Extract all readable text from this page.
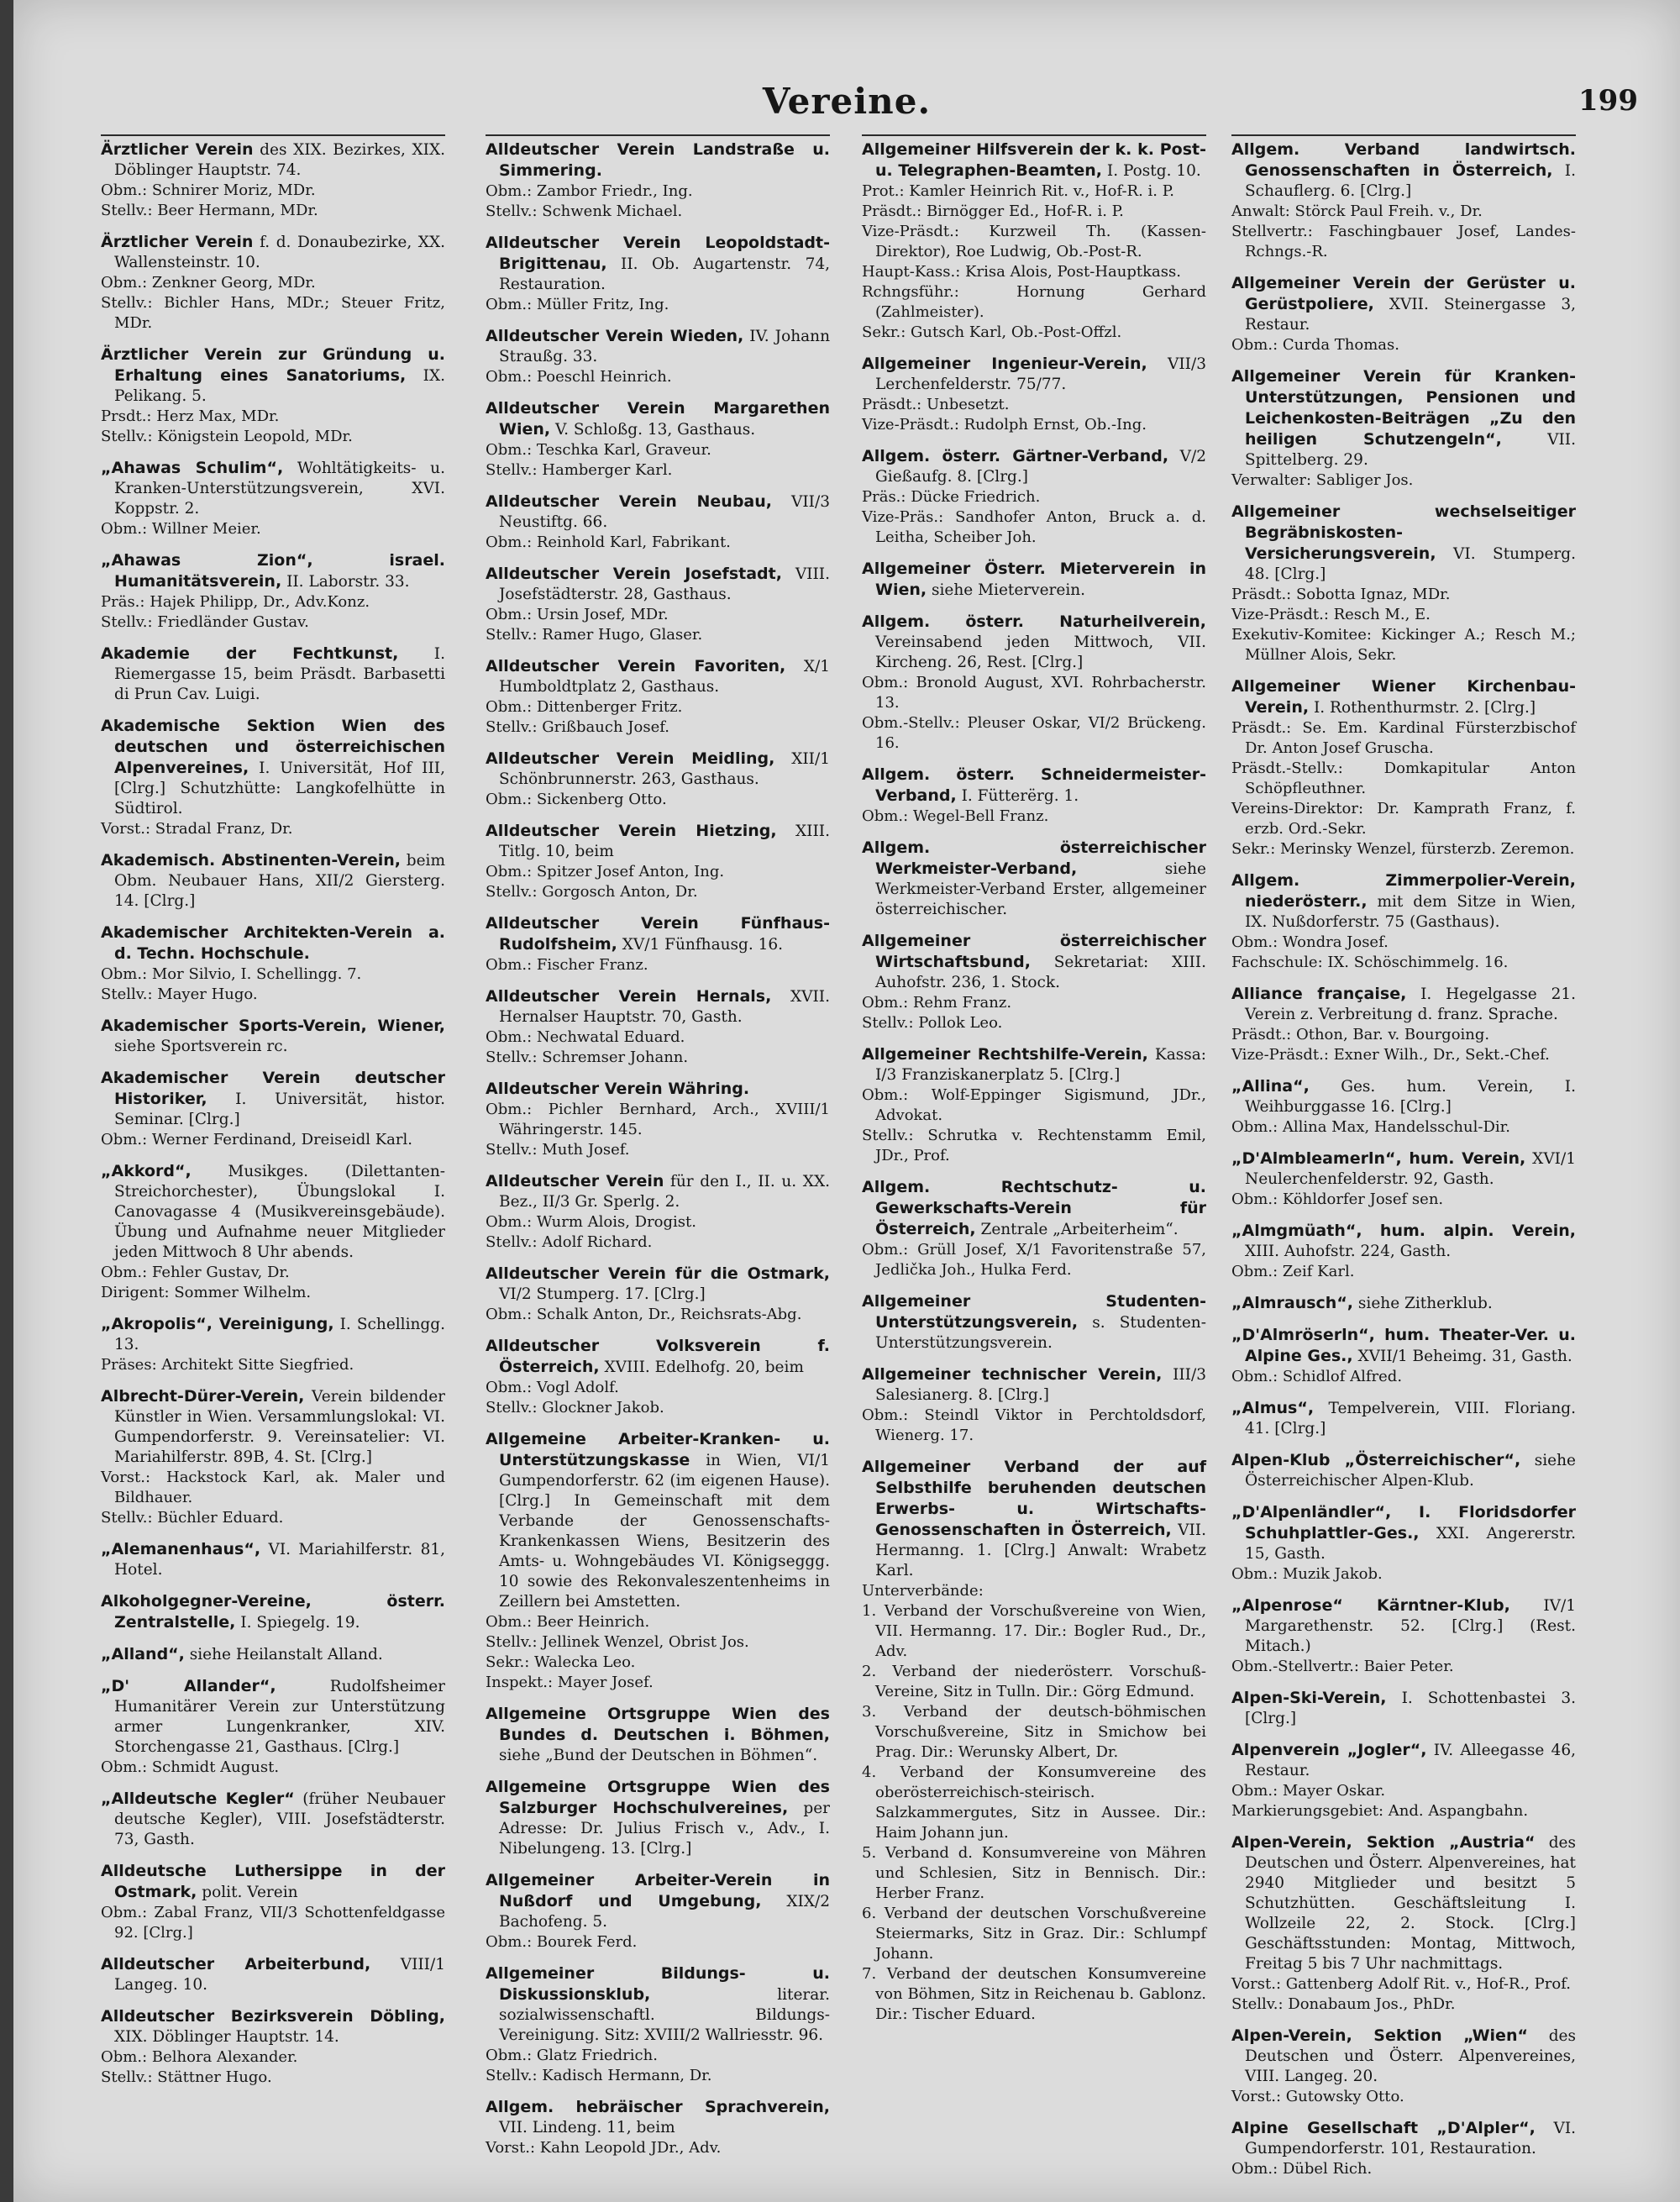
Vereine.	199
Ärztlicher Verein des XIX. Bezirkes, XIX. Döblinger Hauptstr. 74.
Obm.: Schnirer Moriz, MDr.
Stellv.: Beer Hermann, MDr.
Ärztlicher Verein f. d. Donaubezirke, XX. Wallensteinstr. 10.
Obm.: Zenkner Georg, MDr.
Stellv.: Bichler Hans, MDr.; Steuer Fritz, MDr.
Ärztlicher Verein zur Gründung u. Erhaltung eines Sanatoriums, IX. Pelikang. 5.
Prsdt.: Herz Max, MDr.
Stellv.: Königstein Leopold, MDr.
„Ahawas Schulim“, Wohltätigkeits- u. Kranken-Unterstützungsverein, XVI. Koppstr. 2.
Obm.: Willner Meier.
„Ahawas Zion“, israel. Humanitätsverein, II. Laborstr. 33.
Präs.: Hajek Philipp, Dr., Adv.Konz.
Stellv.: Friedländer Gustav.
Akademie der Fechtkunst, I. Riemergasse 15, beim Präsdt. Barbasetti di Prun Cav. Luigi.
Akademische Sektion Wien des deutschen und österreichischen Alpenvereines, I. Universität, Hof III, [Clrg.] Schutzhütte: Langkofelhütte in Südtirol.
Vorst.: Stradal Franz, Dr.
Akademisch. Abstinenten-Verein, beim Obm. Neubauer Hans, XII/2 Giersterg. 14. [Clrg.]
Akademischer Architekten-Verein a. d. Techn. Hochschule.
Obm.: Mor Silvio, I. Schellingg. 7.
Stellv.: Mayer Hugo.
Akademischer Sports-Verein, Wiener, siehe Sportsverein rc.
Akademischer Verein deutscher Historiker, I. Universität, histor. Seminar. [Clrg.]
Obm.: Werner Ferdinand, Dreiseidl Karl.
„Akkord“, Musikges. (Dilettanten-Streichorchester), Übungslokal I. Canovagasse 4 (Musikvereinsgebäude). Übung und Aufnahme neuer Mitglieder jeden Mittwoch 8 Uhr abends.
Obm.: Fehler Gustav, Dr.
Dirigent: Sommer Wilhelm.
„Akropolis“, Vereinigung, I. Schellingg. 13.
Präses: Architekt Sitte Siegfried.
Albrecht-Dürer-Verein, Verein bildender Künstler in Wien. Versammlungslokal: VI. Gumpendorferstr. 9. Vereinsatelier: VI. Mariahilferstr. 89B, 4. St. [Clrg.]
Vorst.: Hackstock Karl, ak. Maler und Bildhauer.
Stellv.: Büchler Eduard.
„Alemanenhaus“, VI. Mariahilferstr. 81, Hotel.
Alkoholgegner-Vereine, österr. Zentralstelle, I. Spiegelg. 19.
„Alland“, siehe Heilanstalt Alland.
„D' Allander“,	Rudolfsheimer Humanitärer Verein zur Unterstützung armer Lungenkranker, XIV. Storchengasse 21, Gasthaus. [Clrg.]
Obm.: Schmidt August.
„Alldeutsche Kegler“ (früher Neubauer deutsche Kegler), VIII. Josefstädterstr. 73, Gasth.
Alldeutsche Luthersippe in der Ostmark, polit. Verein
Obm.: Zabal Franz, VII/3 Schottenfeldgasse 92. [Clrg.]
Alldeutscher Arbeiterbund, VIII/1 Langeg. 10.
Alldeutscher Bezirksverein Döbling, XIX. Döblinger Hauptstr. 14.
Obm.: Belhora Alexander.
Stellv.: Stättner Hugo.
Alldeutscher Verein Landstraße u. Simmering.
Obm.: Zambor Friedr., Ing.
Stellv.: Schwenk Michael.
Alldeutscher Verein Leopoldstadt-Brigittenau, II. Ob. Augartenstr. 74, Restauration.
Obm.: Müller Fritz, Ing.
Alldeutscher Verein Wieden, IV. Johann Straußg. 33.
Obm.: Poeschl Heinrich.
Alldeutscher Verein Margarethen Wien, V. Schloßg. 13, Gasthaus.
Obm.: Teschka Karl, Graveur.
Stellv.: Hamberger Karl.
Alldeutscher Verein Neubau, VII/3 Neustiftg. 66.
Obm.: Reinhold Karl, Fabrikant.
Alldeutscher Verein Josefstadt, VIII. Josefstädterstr. 28, Gasthaus.
Obm.: Ursin Josef, MDr.
Stellv.: Ramer Hugo, Glaser.
Alldeutscher Verein Favoriten, X/1 Humboldtplatz 2, Gasthaus.
Obm.: Dittenberger Fritz.
Stellv.: Grißbauch Josef.
Alldeutscher Verein Meidling, XII/1 Schönbrunnerstr. 263, Gasthaus.
Obm.: Sickenberg Otto.
Alldeutscher Verein Hietzing, XIII. Titlg. 10, beim
Obm.: Spitzer Josef Anton, Ing.
Stellv.: Gorgosch Anton, Dr.
Alldeutscher Verein Fünfhaus-Rudolfsheim, XV/1 Fünfhausg. 16.
Obm.: Fischer Franz.
Alldeutscher Verein Hernals, XVII. Hernalser Hauptstr. 70, Gasth.
Obm.: Nechwatal Eduard.
Stellv.: Schremser Johann.
Alldeutscher Verein Währing.
Obm.: Pichler Bernhard, Arch., XVIII/1 Währingerstr. 145.
Stellv.: Muth Josef.
Alldeutscher Verein für den I., II. u. XX. Bez., II/3 Gr. Sperlg. 2.
Obm.: Wurm Alois, Drogist.
Stellv.: Adolf Richard.
Alldeutscher Verein für die Ostmark, VI/2 Stumperg. 17. [Clrg.]
Obm.: Schalk Anton, Dr., Reichsrats-Abg.
Alldeutscher Volksverein f. Österreich, XVIII. Edelhofg. 20, beim
Obm.: Vogl Adolf.
Stellv.: Glockner Jakob.
Allgemeine Arbeiter-Kranken- u. Unterstützungskasse in Wien, VI/1 Gumpendorferstr. 62 (im eigenen Hause). [Clrg.] In Gemeinschaft mit dem Verbande der Genossenschafts-Krankenkassen Wiens, Besitzerin des Amts- u. Wohngebäudes VI. Königseggg. 10 sowie des Rekonvaleszentenheims in Zeillern bei Amstetten.
Obm.: Beer Heinrich.
Stellv.: Jellinek Wenzel, Obrist Jos.
Sekr.: Walecka Leo.
Inspekt.: Mayer Josef.
Allgemeine Ortsgruppe Wien des Bundes d. Deutschen i. Böhmen, siehe „Bund der Deutschen in Böhmen“.
Allgemeine Ortsgruppe Wien des Salzburger Hochschulvereines, per Adresse: Dr. Julius Frisch v., Adv., I. Nibelungeng. 13. [Clrg.]
Allgemeiner Arbeiter-Verein in Nußdorf und Umgebung, XIX/2 Bachofeng. 5.
Obm.: Bourek Ferd.
Allgemeiner Bildungs- u. Diskussionsklub,	literar. sozialwissenschaftl. Bildungs-Vereinigung. Sitz: XVIII/2 Wallriesstr. 96.
Obm.: Glatz Friedrich.
Stellv.: Kadisch Hermann, Dr.
Allgem. hebräischer Sprachverein, VII. Lindeng. 11, beim
Vorst.: Kahn Leopold JDr., Adv.
Allgemeiner Hilfsverein der k. k. Post- u. Telegraphen-Beamten, I. Postg. 10.
Prot.: Kamler Heinrich Rit. v., Hof-R. i. P.
Präsdt.: Birnögger Ed., Hof-R. i. P.
Vize-Präsdt.: Kurzweil Th. (Kassen-Direktor), Roe Ludwig, Ob.-Post-R.
Haupt-Kass.: Krisa Alois, Post-Hauptkass.
Rchngsführ.: Hornung Gerhard (Zahlmeister).
Sekr.: Gutsch Karl, Ob.-Post-Offzl.
Allgemeiner Ingenieur-Verein, VII/3 Lerchenfelderstr. 75/77.
Präsdt.: Unbesetzt.
Vize-Präsdt.: Rudolph Ernst, Ob.-Ing.
Allgem. österr. Gärtner-Verband, V/2 Gießaufg. 8. [Clrg.]
Präs.: Dücke Friedrich.
Vize-Präs.: Sandhofer Anton, Bruck a. d. Leitha, Scheiber Joh.
Allgemeiner Österr. Mieterverein in Wien, siehe Mieterverein.
Allgem. österr. Naturheilverein, Vereinsabend jeden Mittwoch, VII. Kircheng. 26, Rest. [Clrg.]
Obm.: Bronold August, XVI. Rohrbacherstr. 13.
Obm.-Stellv.: Pleuser Oskar, VI/2 Brückeng. 16.
Allgem. österr. Schneidermeister-Verband, I. Fütterërg. 1.
Obm.: Wegel-Bell Franz.
Allgem. österreichischer Werkmeister-Verband,	siehe Werkmeister-Verband Erster, allgemeiner österreichischer.
Allgemeiner österreichischer Wirtschaftsbund, Sekretariat: XIII. Auhofstr. 236, 1. Stock.
Obm.: Rehm Franz.
Stellv.: Pollok Leo.
Allgemeiner Rechtshilfe-Verein, Kassa: I/3 Franziskanerplatz 5. [Clrg.]
Obm.: Wolf-Eppinger Sigismund, JDr., Advokat.
Stellv.: Schrutka v. Rechtenstamm Emil, JDr., Prof.
Allgem. Rechtschutz- u. Gewerkschafts-Verein für Österreich, Zentrale „Arbeiterheim“.
Obm.: Grüll Josef, X/1 Favoritenstraße 57, Jedlička Joh., Hulka Ferd.
Allgemeiner Studenten-Unterstützungsverein, s. Studenten-Unterstützungsverein.
Allgemeiner technischer Verein, III/3 Salesianerg. 8. [Clrg.]
Obm.: Steindl Viktor in Perchtoldsdorf, Wienerg. 17.
Allgemeiner Verband der auf Selbsthilfe beruhenden deutschen Erwerbs- u. Wirtschafts-Genossenschaften in Österreich, VII. Hermanng. 1. [Clrg.] Anwalt: Wrabetz Karl.
Unterverbände:
1. Verband der Vorschußvereine von Wien, VII. Hermanng. 17. Dir.: Bogler Rud., Dr., Adv.
2. Verband der niederösterr. Vorschuß-Vereine, Sitz in Tulln. Dir.: Görg Edmund.
3. Verband der deutsch-böhmischen Vorschußvereine, Sitz in Smichow bei Prag. Dir.: Werunsky Albert, Dr.
4. Verband der Konsumvereine des oberösterreichisch-steirisch. Salzkammergutes, Sitz in Aussee. Dir.: Haim Johann jun.
5. Verband d. Konsumvereine von Mähren und Schlesien, Sitz in Bennisch. Dir.: Herber Franz.
6. Verband der deutschen Vorschußvereine Steiermarks, Sitz in Graz. Dir.: Schlumpf Johann.
7. Verband der deutschen Konsumvereine von Böhmen, Sitz in Reichenau b. Gablonz. Dir.: Tischer Eduard.
Allgem. Verband landwirtsch. Genossenschaften in Österreich, I. Schauflerg. 6. [Clrg.]
Anwalt: Störck Paul Freih. v., Dr.
Stellvertr.: Faschingbauer Josef, Landes-Rchngs.-R.
Allgemeiner Verein der Gerüster u. Gerüstpoliere, XVII. Steinergasse 3, Restaur.
Obm.: Curda Thomas.
Allgemeiner Verein für Kranken-Unterstützungen, Pensionen und Leichenkosten-Beiträgen „Zu den heiligen Schutzengeln“,	VII. Spittelberg. 29.
Verwalter: Sabliger Jos.
Allgemeiner wechselseitiger Begräbniskosten-Versicherungsverein, VI. Stumperg. 48. [Clrg.]
Präsdt.: Sobotta Ignaz, MDr.
Vize-Präsdt.: Resch M., E.
Exekutiv-Komitee: Kickinger A.; Resch M.; Müllner Alois, Sekr.
Allgemeiner Wiener Kirchenbau-Verein, I. Rothenthurmstr. 2. [Clrg.]
Präsdt.: Se. Em. Kardinal Fürsterzbischof Dr. Anton Josef Gruscha.
Präsdt.-Stellv.: Domkapitular Anton Schöpfleuthner.
Vereins-Direktor: Dr. Kamprath Franz, f. erzb. Ord.-Sekr.
Sekr.: Merinsky Wenzel, fürsterzb. Zeremon.
Allgem. Zimmerpolier-Verein, niederösterr., mit dem Sitze in Wien, IX. Nußdorferstr. 75 (Gasthaus).
Obm.: Wondra Josef.
Fachschule: IX. Schöschimmelg. 16.
Alliance française, I. Hegelgasse 21. Verein z. Verbreitung d. franz. Sprache.
Präsdt.: Othon, Bar. v. Bourgoing.
Vize-Präsdt.: Exner Wilh., Dr., Sekt.-Chef.
„Allina“, Ges. hum. Verein, I. Weihburggasse 16. [Clrg.]
Obm.: Allina Max, Handelsschul-Dir.
„D'Almbleamerln“, hum. Verein, XVI/1 Neulerchenfelderstr. 92, Gasth.
Obm.: Köhldorfer Josef sen.
„Almgmüath“, hum. alpin. Verein, XIII. Auhofstr. 224, Gasth.
Obm.: Zeif Karl.
„Almrausch“, siehe Zitherklub.
„D'Almröserln“, hum. Theater-Ver. u. Alpine Ges., XVII/1 Beheimg. 31, Gasth.
Obm.: Schidlof Alfred.
„Almus“, Tempelverein, VIII. Floriang. 41. [Clrg.]
Alpen-Klub „Österreichischer“, siehe Österreichischer Alpen-Klub.
„D'Alpenländler“, I. Floridsdorfer Schuhplattler-Ges., XXI. Angererstr. 15, Gasth.
Obm.: Muzik Jakob.
„Alpenrose“ Kärntner-Klub, IV/1 Margarethenstr. 52. [Clrg.] (Rest. Mitach.)
Obm.-Stellvertr.: Baier Peter.
Alpen-Ski-Verein, I. Schottenbastei 3. [Clrg.]
Alpenverein „Jogler“, IV. Alleegasse 46, Restaur.
Obm.: Mayer Oskar.
Markierungsgebiet: And. Aspangbahn.
Alpen-Verein, Sektion „Austria“ des Deutschen und Österr. Alpenvereines, hat 2940 Mitglieder und besitzt 5 Schutzhütten. Geschäftsleitung I. Wollzeile 22, 2. Stock. [Clrg.] Geschäftsstunden: Montag, Mittwoch, Freitag 5 bis 7 Uhr nachmittags.
Vorst.: Gattenberg Adolf Rit. v., Hof-R., Prof.
Stellv.: Donabaum Jos., PhDr.
Alpen-Verein, Sektion „Wien“ des Deutschen und Österr. Alpenvereines, VIII. Langeg. 20.
Vorst.: Gutowsky Otto.
Alpine Gesellschaft „D'Alpler“, VI. Gumpendorferstr. 101, Restauration.
Obm.: Dübel Rich.
